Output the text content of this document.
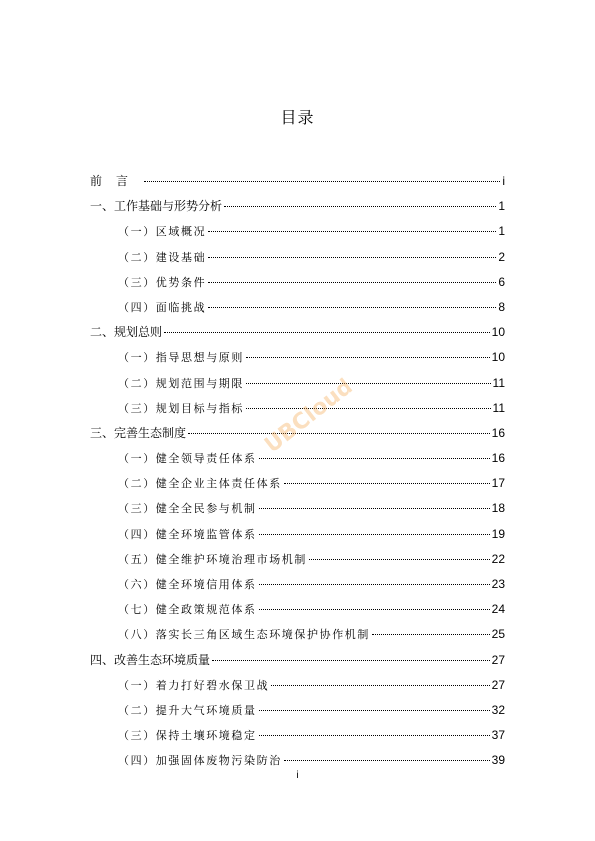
目录
前言	i
一、工作基础与形势分析	1
（一）区域概况	1
（二）建设基础	2
（三）优势条件	6
（四）面临挑战	8
二、规划总则	10
（一）指导思想与原则	10
（二）规划范围与期限	11
（三）规划目标与指标	11
三、完善生态制度	16
（一）健全领导责任体系	16
（二）健全企业主体责任体系	17
（三）健全全民参与机制	18
（四）健全环境监管体系	19
（五）健全维护环境治理市场机制	22
（六）健全环境信用体系	23
（七）健全政策规范体系	24
（八）落实长三角区域生态环境保护协作机制	25
四、改善生态环境质量	27
（一）着力打好碧水保卫战	27
（二）提升大气环境质量	32
（三）保持土壤环境稳定	37
（四）加强固体废物污染防治	39
UBCloud
i
